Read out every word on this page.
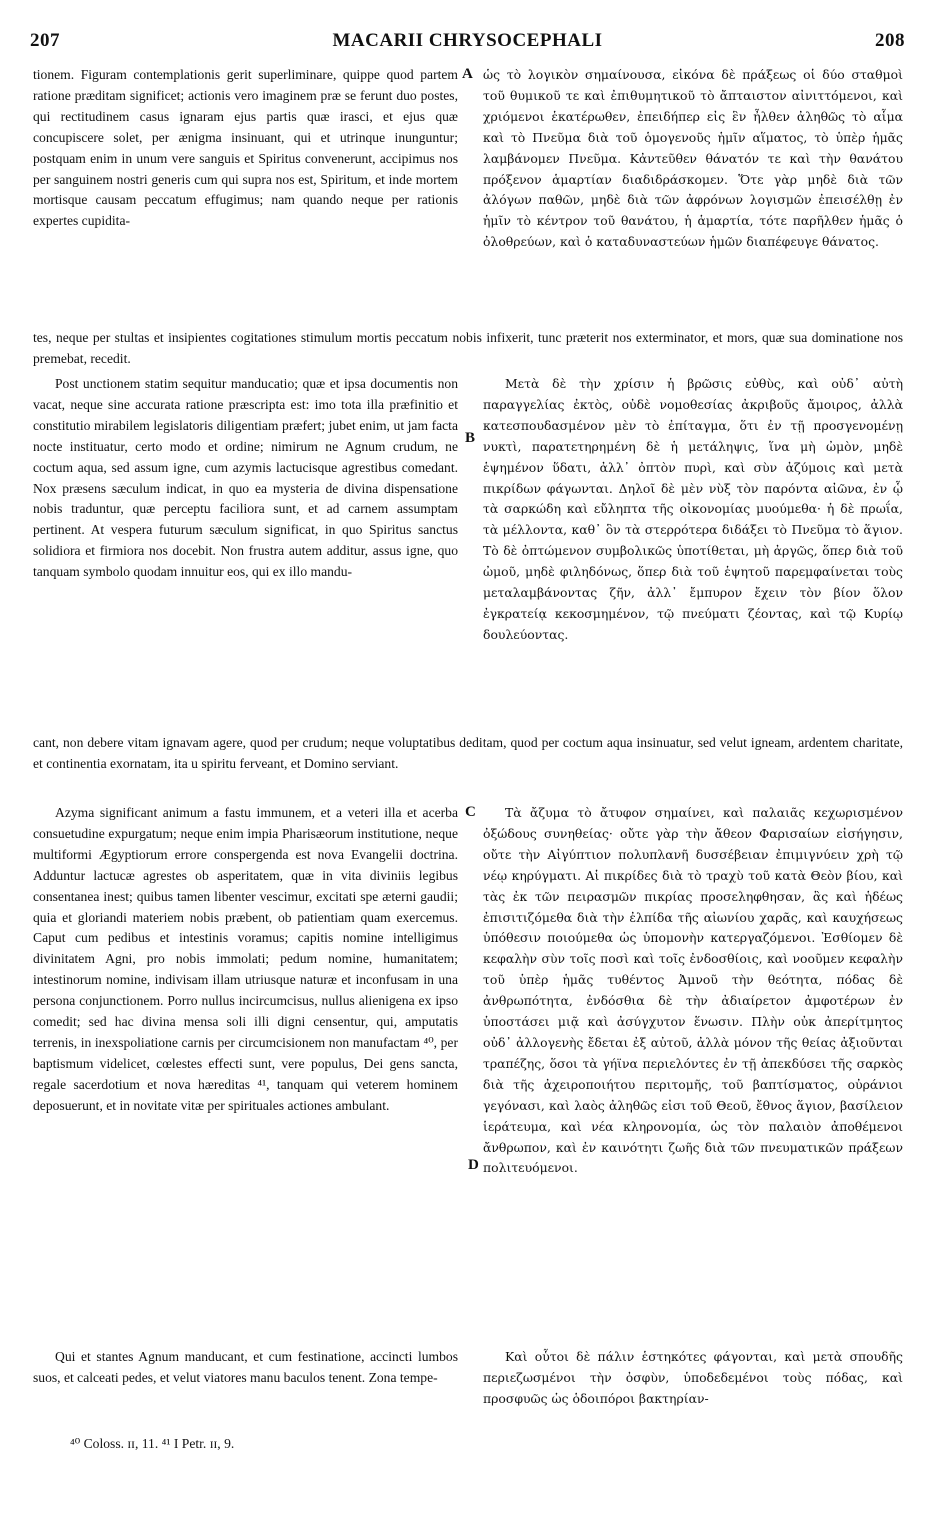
207	MACARII CHRYSOCEPHALI	208
A
B
C
D
tionem. Figuram contemplationis gerit superliminare, quippe quod partem ratione præditam significet; actionis vero imaginem præ se ferunt duo postes, qui rectitudinem casus ignaram ejus partis quæ irasci, et ejus quæ concupiscere solet, per ænigma insinuant, qui et utrinque inunguntur; postquam enim in unum vere sanguis et Spiritus convenerunt, accipimus nos per sanguinem nostri generis cum qui supra nos est, Spiritum, et inde mortem mortisque causam peccatum effugimus; nam quando neque per rationis expertes cupidita-
ὡς τὸ λογικὸν σημαίνουσα, εἰκόνα δὲ πράξεως οἱ δύο σταθμοὶ τοῦ θυμικοῦ τε καὶ ἐπιθυμητικοῦ τὸ ἄπταιστον αἰνιττόμενοι, καὶ χριόμενοι ἑκατέρωθεν, ἐπειδήπερ εἰς ἓν ἦλθεν ἀληθῶς τὸ αἷμα καὶ τὸ Πνεῦμα διὰ τοῦ ὁμογενοῦς ἡμῖν αἵματος, τὸ ὑπὲρ ἡμᾶς λαμβάνομεν Πνεῦμα. Κἀντεῦθεν θάνατόν τε καὶ τὴν θανάτου πρόξενον ἁμαρτίαν διαδιδράσκομεν. Ὅτε γὰρ μηδὲ διὰ τῶν ἀλόγων παθῶν, μηδὲ διὰ τῶν ἀφρόνων λογισμῶν ἐπεισέλθῃ ἐν ἡμῖν τὸ κέντρον τοῦ θανάτου, ἡ ἁμαρτία, τότε παρῆλθεν ἡμᾶς ὁ ὀλοθρεύων, καὶ ὁ καταδυναστεύων ἡμῶν διαπέφευγε θάνατος.
tes, neque per stultas et insipientes cogitationes stimulum mortis peccatum nobis infixerit, tunc præterit nos exterminator, et mors, quæ sua dominatione nos premebat, recedit.
Post unctionem statim sequitur manducatio; quæ et ipsa documentis non vacat, neque sine accurata ratione præscripta est: imo tota illa præfinitio et constitutio mirabilem legislatoris diligentiam præfert; jubet enim, ut jam facta nocte instituatur, certo modo et ordine; nimirum ne Agnum crudum, ne coctum aqua, sed assum igne, cum azymis lactucisque agrestibus comedant. Nox præsens sæculum indicat, in quo ea mysteria de divina dispensatione nobis traduntur, quæ perceptu faciliora sunt, et ad carnem assumptam pertinent. At vespera futurum sæculum significat, in quo Spiritus sanctus solidiora et firmiora nos docebit. Non frustra autem additur, assus igne, quo tanquam symbolo quodam innuitur eos, qui ex illo mandu-
Μετὰ δὲ τὴν χρίσιν ἡ βρῶσις εὐθὺς, καὶ οὐδ᾽ αὐτὴ παραγγελίας ἐκτὸς, οὐδὲ νομοθεσίας ἀκριβοῦς ἄμοιρος, ἀλλὰ κατεσπουδασμένον μὲν τὸ ἐπίταγμα, ὅτι ἐν τῇ προσγενομένῃ νυκτὶ, παρατετηρημένη δὲ ἡ μετάληψις, ἵνα μὴ ὠμὸν, μηδὲ ἑψημένον ὕδατι, ἀλλ᾽ ὀπτὸν πυρὶ, καὶ σὺν ἀζύμοις καὶ μετὰ πικρίδων φάγωνται. Δηλοῖ δὲ μὲν νὺξ τὸν παρόντα αἰῶνα, ἐν ᾧ τὰ σαρκώδη καὶ εὔληπτα τῆς οἰκονομίας μυούμεθα· ἡ δὲ πρωΐα, τὰ μέλλοντα, καθ᾽ ὃν τὰ στερρότερα διδάξει τὸ Πνεῦμα τὸ ἅγιον. Τὸ δὲ ὀπτώμενον συμβολικῶς ὑποτίθεται, μὴ ἀργῶς, ὅπερ διὰ τοῦ ὠμοῦ, μηδὲ φιληδόνως, ὅπερ διὰ τοῦ ἑψητοῦ παρεμφαίνεται τοὺς μεταλαμβάνοντας ζῆν, ἀλλ᾽ ἔμπυρον ἔχειν τὸν βίον ὅλον ἐγκρατείᾳ κεκοσμημένον, τῷ πνεύματι ζέοντας, καὶ τῷ Κυρίῳ δουλεύοντας.
cant, non debere vitam ignavam agere, quod per crudum; neque voluptatibus deditam, quod per coctum aqua insinuatur, sed velut igneam, ardentem charitate, et continentia exornatam, ita u spiritu ferveant, et Domino serviant.
Azyma significant animum a fastu immunem, et a veteri illa et acerba consuetudine expurgatum; neque enim impia Pharisæorum institutione, neque multiformi Ægyptiorum errore conspergenda est nova Evangelii doctrina. Adduntur lactucæ agrestes ob asperitatem, quæ in vita diviniis legibus consentanea inest; quibus tamen libenter vescimur, excitati spe æterni gaudii; quia et gloriandi materiem nobis præbent, ob patientiam quam exercemus. Caput cum pedibus et intestinis voramus; capitis nomine intelligimus divinitatem Agni, pro nobis immolati; pedum nomine, humanitatem; intestinorum nomine, indivisam illam utriusque naturæ et inconfusam in una persona conjunctionem. Porro nullus incircumcisus, nullus alienigena ex ipso comedit; sed hac divina mensa soli illi digni censentur, qui, amputatis terrenis, in inexspoliatione carnis per circumcisionem non manufactam ⁴⁰, per baptismum videlicet, cœlestes effecti sunt, vere populus, Dei gens sancta, regale sacerdotium et nova hæreditas ⁴¹, tanquam qui veterem hominem deposuerunt, et in novitate vitæ per spirituales actiones ambulant.
Τὰ ἄζυμα τὸ ἄτυφον σημαίνει, καὶ παλαιᾶς κεχωρισμένον ὀξώδους συνηθείας· οὔτε γὰρ τὴν ἄθεον Φαρισαίων εἰσήγησιν, οὔτε τὴν Αἰγύπτιον πολυπλανῆ δυσσέβειαν ἐπιμιγνύειν χρὴ τῷ νέῳ κηρύγματι. Αἱ πικρίδες διὰ τὸ τραχὺ τοῦ κατὰ Θεὸν βίου, καὶ τὰς ἐκ τῶν πειρασμῶν πικρίας προσεληφθησαν, ἃς καὶ ἡδέως ἐπισιτιζόμεθα διὰ τὴν ἐλπίδα τῆς αἰωνίου χαρᾶς, καὶ καυχήσεως ὑπόθεσιν ποιούμεθα ὡς ὑπομονὴν κατεργαζόμενοι. Ἐσθίομεν δὲ κεφαλὴν σὺν τοῖς ποσὶ καὶ τοῖς ἐνδοσθίοις, καὶ νοοῦμεν κεφαλὴν τοῦ ὑπὲρ ἡμᾶς τυθέντος Ἀμνοῦ τὴν θεότητα, πόδας δὲ ἀνθρωπότητα, ἐνδόσθια δὲ τὴν ἀδιαίρετον ἀμφοτέρων ἐν ὑποστάσει μιᾷ καὶ ἀσύγχυτον ἕνωσιν. Πλὴν οὐκ ἀπερίτμητος οὐδ᾽ ἀλλογενὴς ἔδεται ἐξ αὐτοῦ, ἀλλὰ μόνον τῆς θείας ἀξιοῦνται τραπέζης, ὅσοι τὰ γήϊνα περιελόντες ἐν τῇ ἀπεκδύσει τῆς σαρκὸς διὰ τῆς ἀχειροποιήτου περιτομῆς, τοῦ βαπτίσματος, οὐράνιοι γεγόνασι, καὶ λαὸς ἀληθῶς εἰσι τοῦ Θεοῦ, ἔθνος ἅγιον, βασίλειον ἱεράτευμα, καὶ νέα κληρονομία, ὡς τὸν παλαιὸν ἀποθέμενοι ἄνθρωπον, καὶ ἐν καινότητι ζωῆς διὰ τῶν πνευματικῶν πράξεων πολιτευόμενοι.
Qui et stantes Agnum manducant, et cum festinatione, accincti lumbos suos, et calceati pedes, et velut viatores manu baculos tenent. Zona tempe-
Καὶ οὗτοι δὲ πάλιν ἑστηκότες φάγονται, καὶ μετὰ σπουδῆς περιεζωσμένοι τὴν ὀσφὺν, ὑποδεδεμένοι τοὺς πόδας, καὶ προσφυῶς ὡς ὁδοιπόροι βακτηρίαν-
⁴⁰ Coloss. ɪɪ, 11. ⁴¹ I Petr. ɪɪ, 9.
